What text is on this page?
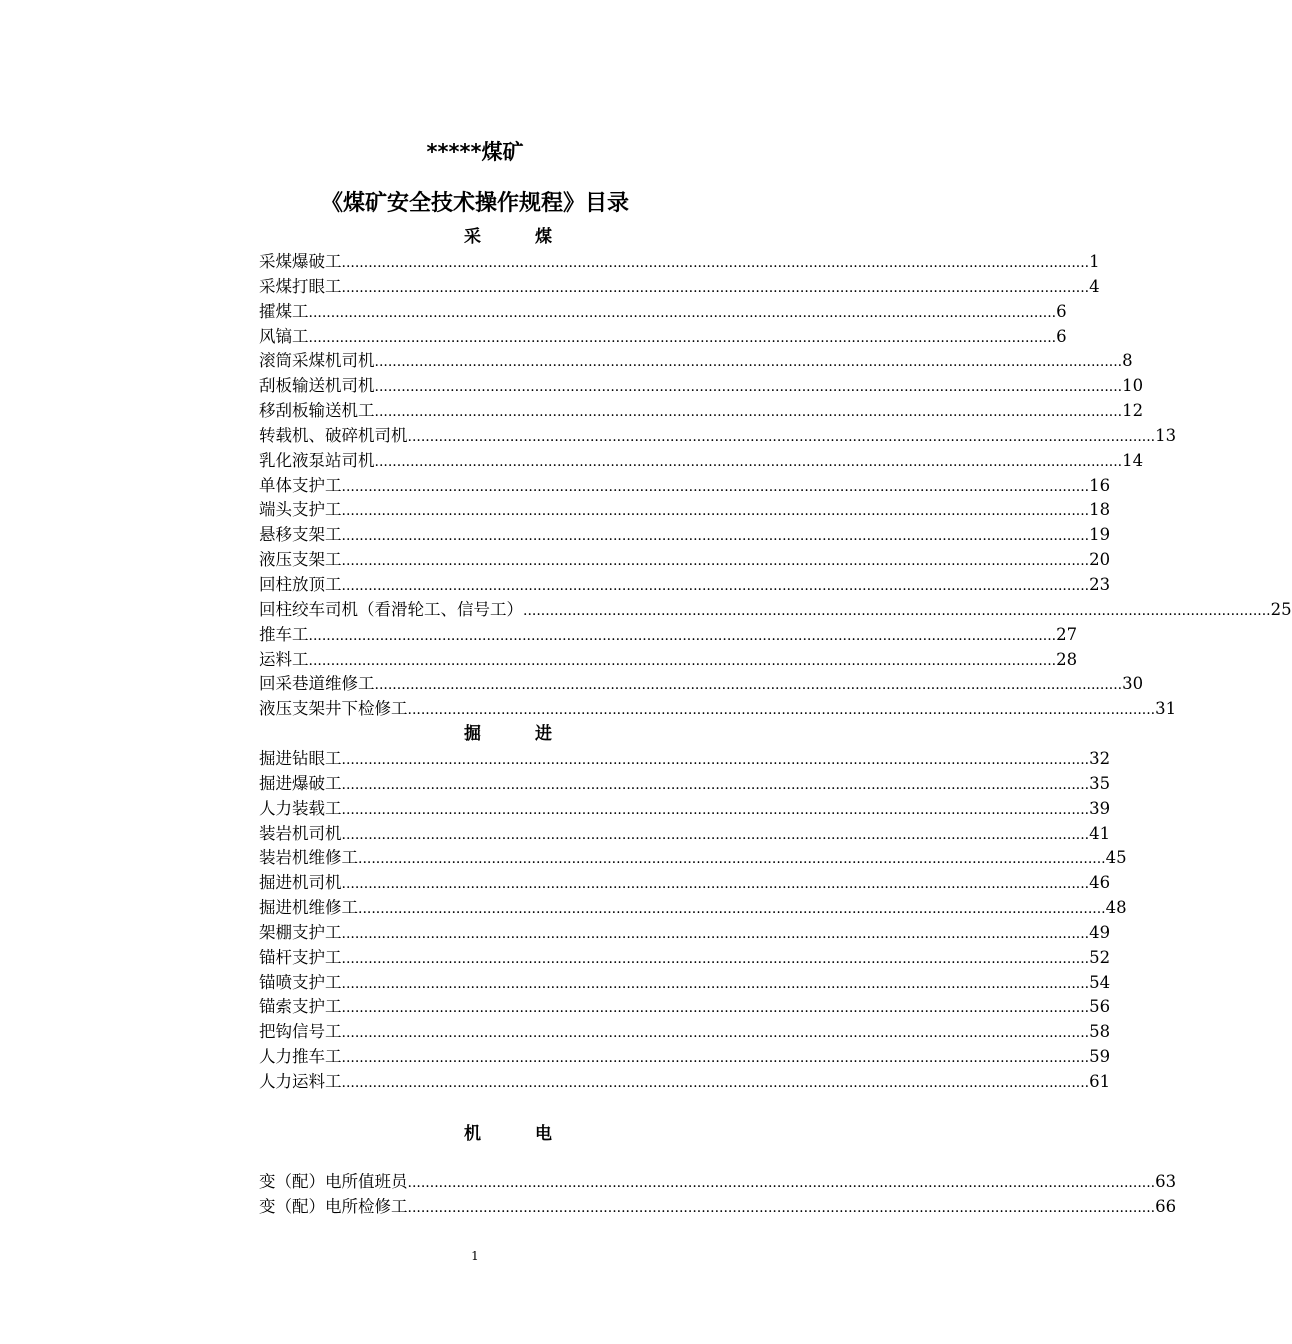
*****煤矿
《煤矿安全技术操作规程》目录
采 煤
采煤爆破工 ........................................................................................................................................................................ 1
采煤打眼工 ........................................................................................................................................................................ 4
攉煤工 ........................................................................................................................................................................ 6
风镐工 ........................................................................................................................................................................ 6
滚筒采煤机司机 ........................................................................................................................................................................ 8
刮板输送机司机 ........................................................................................................................................................................ 10
移刮板输送机工 ........................................................................................................................................................................ 12
转载机、破碎机司机 ........................................................................................................................................................................ 13
乳化液泵站司机 ........................................................................................................................................................................ 14
单体支护工 ........................................................................................................................................................................ 16
端头支护工 ........................................................................................................................................................................ 18
悬移支架工 ........................................................................................................................................................................ 19
液压支架工 ........................................................................................................................................................................ 20
回柱放顶工 ........................................................................................................................................................................ 23
回柱绞车司机（看滑轮工、信号工） ........................................................................................................................................................................ 25
推车工 ........................................................................................................................................................................ 27
运料工 ........................................................................................................................................................................ 28
回采巷道维修工 ........................................................................................................................................................................ 30
液压支架井下检修工 ........................................................................................................................................................................ 31
掘 进
掘进钻眼工 ........................................................................................................................................................................ 32
掘进爆破工 ........................................................................................................................................................................ 35
人力装载工 ........................................................................................................................................................................ 39
装岩机司机 ........................................................................................................................................................................ 41
装岩机维修工 ........................................................................................................................................................................ 45
掘进机司机 ........................................................................................................................................................................ 46
掘进机维修工 ........................................................................................................................................................................ 48
架棚支护工 ........................................................................................................................................................................ 49
锚杆支护工 ........................................................................................................................................................................ 52
锚喷支护工 ........................................................................................................................................................................ 54
锚索支护工 ........................................................................................................................................................................ 56
把钩信号工 ........................................................................................................................................................................ 58
人力推车工 ........................................................................................................................................................................ 59
人力运料工 ........................................................................................................................................................................ 61
机 电
变（配）电所值班员 ........................................................................................................................................................................ 63
变（配）电所检修工 ........................................................................................................................................................................ 66
1
